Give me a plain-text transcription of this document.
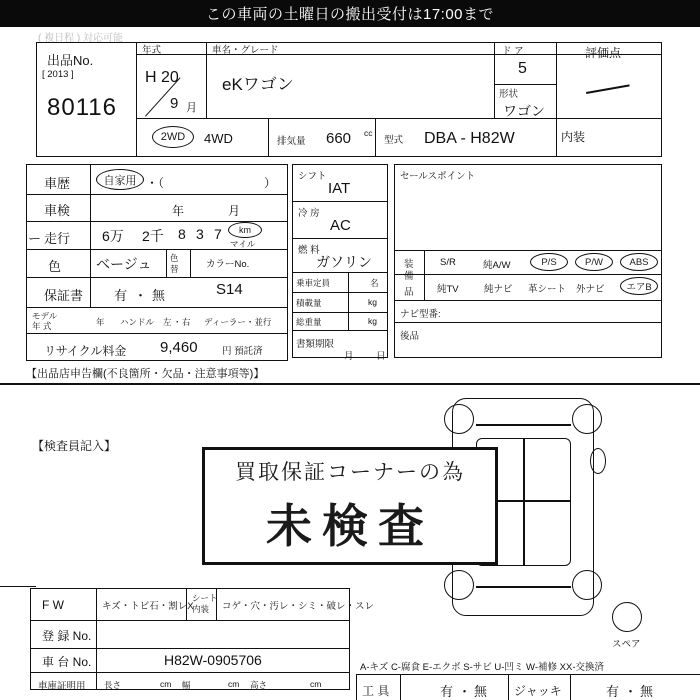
この車両の土曜日の搬出受付は17:00まで
( 複日程 ) 対応可能
出品No.
[ 2013 ]
80116
年式
H 20
9 月
車名・グレード
eKワゴン
ド ア
5
形状
ワゴン
評価点
内装
2WD 4WD	排気量 660 cc
型式 DBA - H82W
車歴	自家用 ・（	）
車検	年	月
走行 6万 2千 8 3 7 km
マイル
ー
色 ベージュ 色
替	カラーNo.
保証書 有 ・ 無	S14
モデル
年 式	年 ハンドル 左 ・ 右 ディーラー・並行
リサイクル料金 9,460	円 預託済
【出品店申告欄(不良箇所・欠品・注意事項等)】
シフト
IAT
冷 房
AC
燃 料
ガソリン
乗車定員	名
積載量	kg
総重量	kg
書類期限
月 日
セールスポイント
装
備
品
S/R	純A/W	P/S	P/W	ABS
純TV	純ナビ 革シート 外ナビ エアB
ナビ型番:
後品
【検査員記入】
スペア
買取保証コーナーの為
未検査
F W	キズ・トビ石・割レX
シート
内装	コゲ・穴・汚レ・シミ・破レ・スレ
登 録 No.
車 台 No.	H82W-0905706
車庫証明用 長さ	cm 幅	cm 高さ	cm
A-キズ C-腐食 E-エクボ S-サビ U-凹ミ W-補修 XX-交換済
工 具	有 ・ 無 ジャッキ	有 ・ 無
